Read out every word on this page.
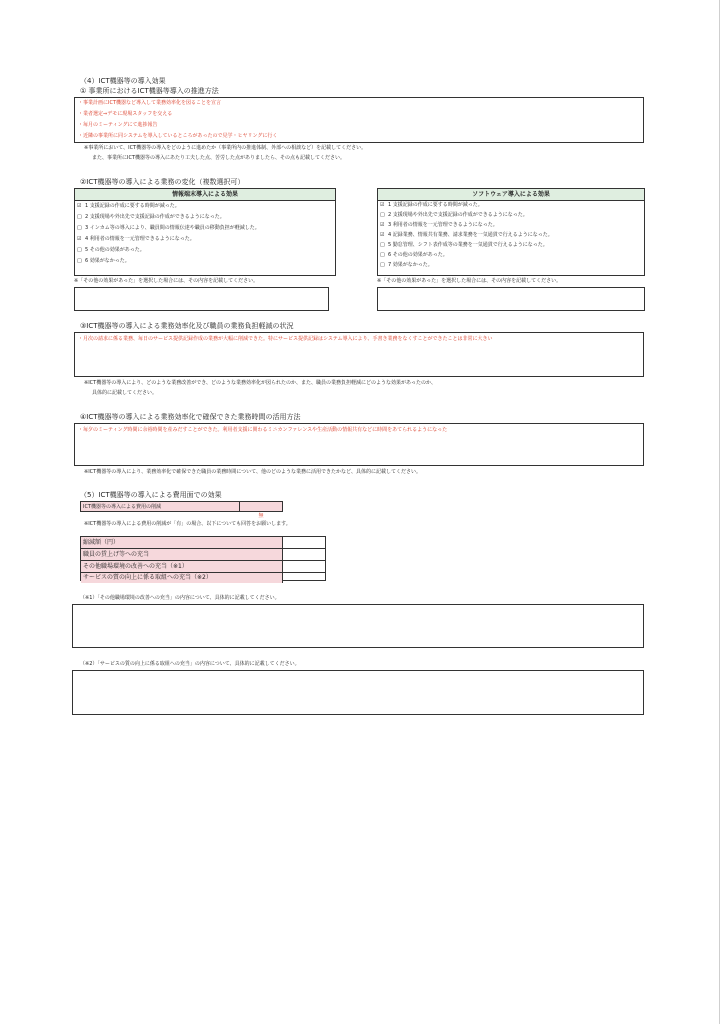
（4）ICT機器等の導入効果
① 事業所におけるICT機器等導入の推進方法
・事業計画にICT機器など導入して業務効率化を図ることを宣言
・業者選定⇒デモに現場スタッフを交える
・毎月のミーティングにて進捗報告
・近隣の事業所に同システムを導入しているところがあったので見学・ヒヤリングに行く
※事業所において、ICT機器等の導入をどのように進めたか（事業所内の推進体制、外部への相談など）を記載してください。
また、事業所にICT機器等の導入にあたり工夫した点、苦労した点がありましたら、その点も記載してください。
②ICT機器等の導入による業務の変化（複数選択可）
情報端末導入による効果
☑ 1 支援記録の作成に要する時間が減った。
□ 2 支援現場や外出先で支援記録の作成ができるようになった。
□ 3 インカム等の導入により、職員間の情報伝達や職員の移動負担が軽減した。
☑ 4 利用者の情報を一元管理できるようになった。
□ 5 その他の効果があった。
□ 6 効果がなかった。
ソフトウェア導入による効果
☑ 1 支援記録の作成に要する時間が減った。
□ 2 支援現場や外出先で支援記録の作成ができるようになった。
☑ 3 利用者の情報を一元管理できるようになった。
☑ 4 記録業務、情報共有業務、請求業務を一気通貫で行えるようになった。
□ 5 勤怠管理、シフト表作成等の業務を一気通貫で行えるようになった。
□ 6 その他の効果があった。
□ 7 効果がなかった。
※「その他の効果があった」を選択した場合には、その内容を記載してください。	※「その他の効果があった」を選択した場合には、その内容を記載してください。
③ICT機器等の導入による業務効率化及び職員の業務負担軽減の状況
・月次の請求に係る業務、毎日のサービス提供記録作成の業務が大幅に削減できた。特にサービス提供記録はシステム導入により、手書き業務をなくすことができたことは非常に大きい
※ICT機器等の導入により、どのような業務改善ができ、どのような業務効率化が図られたのか、また、職員の業務負担軽減にどのような効果があったのか、
具体的に記載してください。
④ICT機器等の導入による業務効率化で確保できた業務時間の活用方法
・毎夕のミーティング時間に余裕時間を産みだすことができた。利用者支援に関わるミニカンファレンスや生産活動の情報共有などに時間をあてられるようになった
※ICT機器等の導入により、業務効率化で確保できた職員の業務時間について、他のどのような業務に活用できたかなど、具体的に記載してください。
（5）ICT機器等の導入による費用面での効果
ICT機器等の導入による費用の削減
無
※ICT機器等の導入による費用の削減が「有」の場合、以下についても回答をお願いします。
縮減額（円）
職員の賃上げ等への充当
その他職場環境の改善への充当（※1）
サービスの質の向上に係る取組への充当（※2）
（※1）「その他職場環境の改善への充当」の内容について、具体的に記載してください。
（※2）「サービスの質の向上に係る取組への充当」の内容について、具体的に記載してください。
